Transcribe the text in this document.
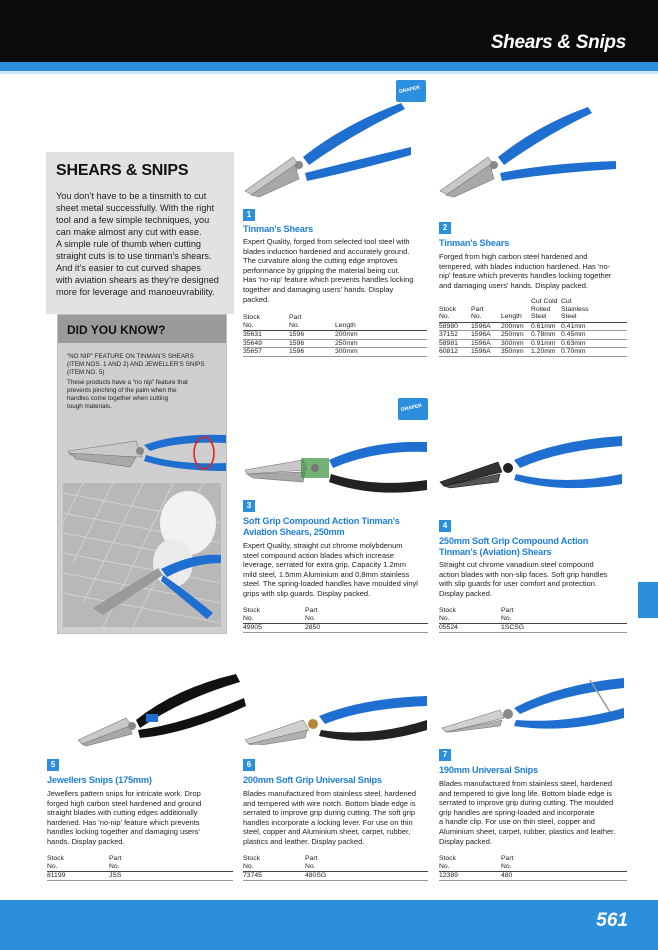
Shears & Snips
SHEARS & SNIPS
You don’t have to be a tinsmith to cut
sheet metal successfully. With the right
tool and a few simple techniques, you
can make almost any cut with ease.
A simple rule of thumb when cutting
straight cuts is to use tinman’s shears.
And it’s easier to cut curved shapes
with aviation shears as they’re designed
more for leverage and manoeuvrability.
DID YOU KNOW?

“NO NIP” FEATURE ON TINMAN’S SHEARS
(ITEM NOS. 1 AND 2) AND JEWELLER’S SNIPS
(ITEM NO. 5)

These products have a “no nip” feature that
prevents pinching of the palm when the
handles come together when cutting
tough materials.

DRAPER
DRAPER
1
Tinman's Shears
Expert Quality, forged from selected tool steel with
blades induction hardened and accurately ground.
The curvature along the cutting edge improves
performance by gripping the material being cut.
Has 'no-nip' feature which prevents handles locking
together and damaging users' hands. Display
packed.
Stock
No.	Part
No.	Length
35631	1596	200mm
35649	1596	250mm
35657	1596	300mm
2
Tinman's Shears
Forged from high carbon steel hardened and
tempered, with blades induction hardened. Has 'no-
nip' feature which prevents handles locking together
and damaging users' hands. Display packed.
Stock
No.	Part
No.	Length	Cut Cold
Rolled
Steel	Cut
Stainless
Steel
58980	1596A	200mm	0.61mm	0.41mm
37152	1596A	250mm	0.78mm	0.45mm
58981	1596A	300mm	0.91mm	0.63mm
60812	1596A	350mm	1.20mm	0.70mm
3
Soft Grip Compound Action Tinman's
Aviation Shears, 250mm
Expert Quality, straight cut chrome molybdenum
steel compound action blades which increase
leverage, serrated for extra grip. Capacity 1.2mm
mild steel, 1.5mm Aluminium and 0.8mm stainless
steel. The spring-loaded handles have moulded vinyl
grips with slip guards. Display packed.
Stock
No.	Part
No.
49905	2850
4
250mm Soft Grip Compound Action
Tinman's (Aviation) Shears
Straight cut chrome vanadium steel compound
action blades with non-slip faces. Soft grip handles
with slip guards for user comfort and protection.
Display packed.
Stock
No.	Part
No.
05524	1SCSG
5
Jewellers Snips (175mm)
Jewellers pattern snips for intricate work. Drop
forged high carbon steel hardened and ground
straight blades with cutting edges additionally
hardened. Has 'no-nip' feature which prevents
handles locking together and damaging users'
hands. Display packed.
Stock
No.	Part
No.
81199	JSS
6
200mm Soft Grip Universal Snips
Blades manufactured from stainless steel, hardened
and tempered with wire notch. Bottom blade edge is
serrated to improve grip during cutting. The soft grip
handles incorporate a locking lever. For use on thin
steel, copper and Aluminium sheet, carpet, rubber,
plastics and leather. Display packed.
Stock
No.	Part
No.
73745	480SG
7
190mm Universal Snips
Blades manufactured from stainless steel, hardened
and tempered to give long life. Bottom blade edge is
serrated to improve grip during cutting. The moulded
grip handles are spring-loaded and incorporate
a handle clip. For use on thin steel, copper and
Aluminium sheet, carpet, rubber, plastics and leather.
Display packed.
Stock
No.	Part
No.
12389	480
561
